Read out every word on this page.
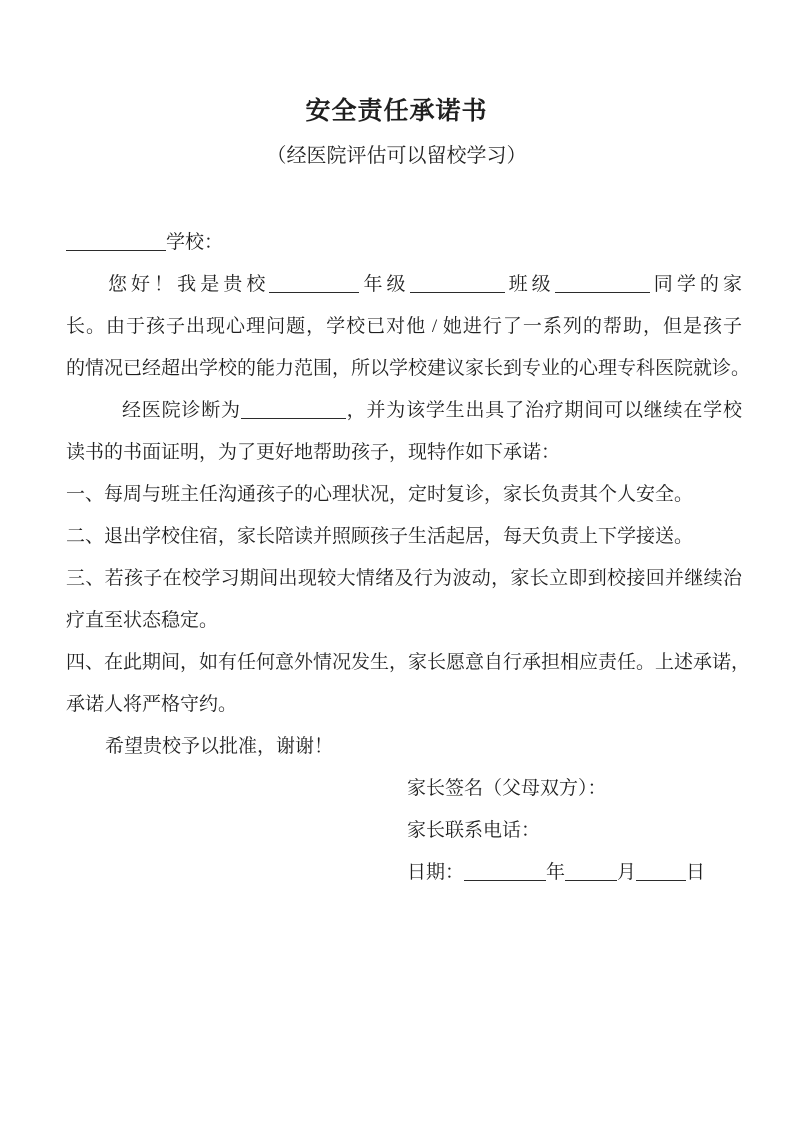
安全责任承诺书
（经医院评估可以留校学习）
学校：
您好！我是贵校	年级	班级	同学的家
长。由于孩子出现心理问题，学校已对他 / 她进行了一系列的帮助，但是孩子
的情况已经超出学校的能力范围，所以学校建议家长到专业的心理专科医院就诊。
经医院诊断为	，并为该学生出具了治疗期间可以继续在学校
读书的书面证明，为了更好地帮助孩子，现特作如下承诺：
一、每周与班主任沟通孩子的心理状况，定时复诊，家长负责其个人安全。
二、退出学校住宿，家长陪读并照顾孩子生活起居，每天负责上下学接送。
三、若孩子在校学习期间出现较大情绪及行为波动，家长立即到校接回并继续治
疗直至状态稳定。
四、在此期间，如有任何意外情况发生，家长愿意自行承担相应责任。上述承诺，
承诺人将严格守约。
希望贵校予以批准，谢谢！
家长签名（父母双方）：
家长联系电话：
日期：	年	月	日
